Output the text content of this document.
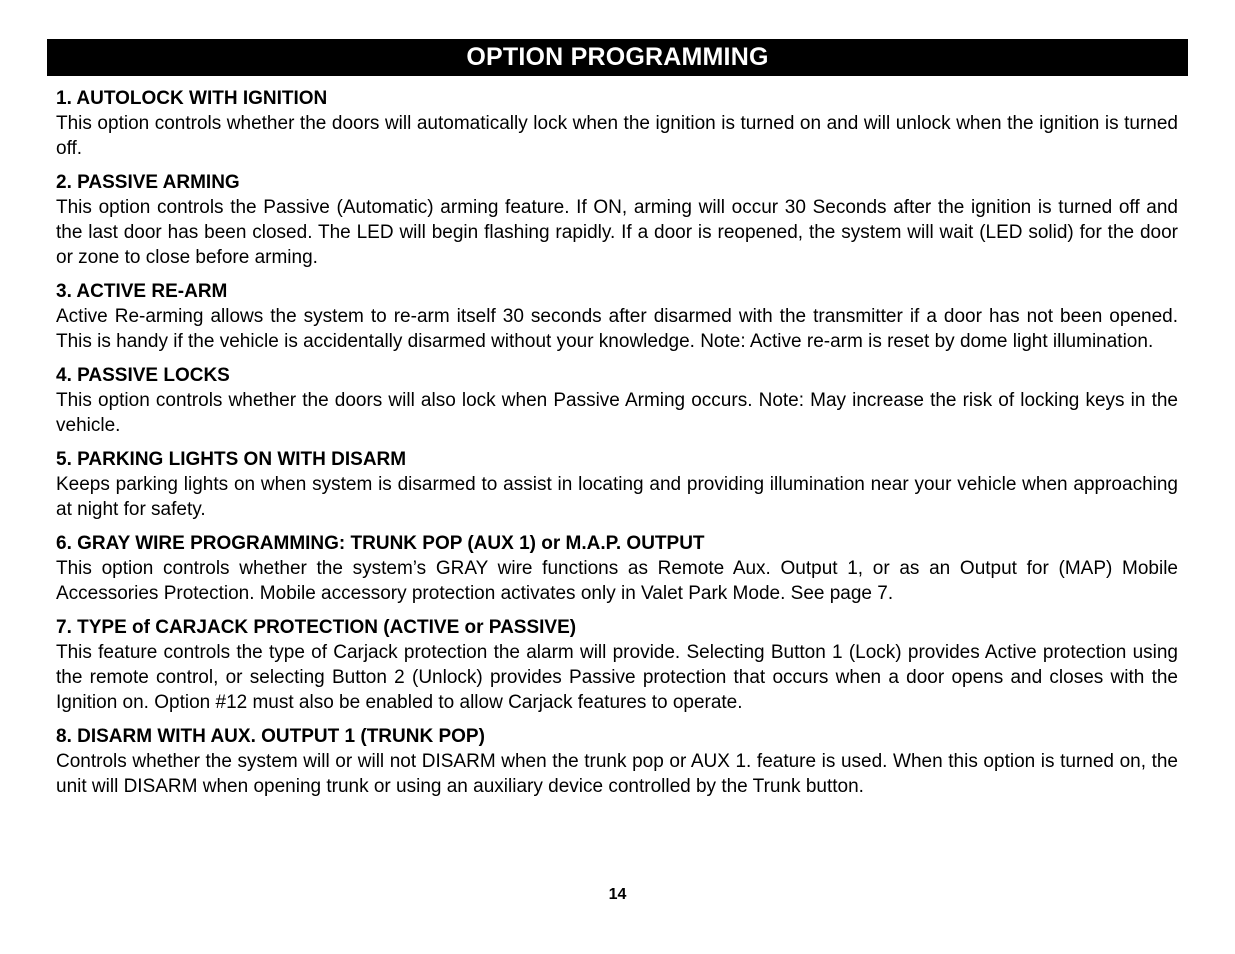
OPTION PROGRAMMING

1. AUTOLOCK WITH IGNITION

This option controls whether the doors will automatically lock when the ignition is turned on and will unlock when the ignition is turned off.

2. PASSIVE ARMING

This option controls the Passive (Automatic) arming feature. If ON, arming will occur 30 Seconds after the ignition is turned off and the last door has been closed. The LED will begin flashing rapidly. If a door is reopened, the system will wait (LED solid) for the door or zone to close before arming.

3. ACTIVE RE-ARM

Active Re-arming allows the system to re-arm itself 30 seconds after disarmed with the transmitter if a door has not been opened. This is handy if the vehicle is accidentally disarmed without your knowledge. Note: Active re-arm is reset by dome light illumination.

4. PASSIVE LOCKS

This option controls whether the doors will also lock when Passive Arming occurs. Note: May increase the risk of locking keys in the vehicle.

5. PARKING LIGHTS ON WITH DISARM

Keeps parking lights on when system is disarmed to assist in locating and providing illumination near your vehicle when approaching at night for safety.

6. GRAY WIRE PROGRAMMING: TRUNK POP (AUX 1) or M.A.P. OUTPUT

This option controls whether the system’s GRAY wire functions as Remote Aux. Output 1, or as an Output for (MAP) Mobile Accessories Protection. Mobile accessory protection activates only in Valet Park Mode. See page 7.

7. TYPE of CARJACK PROTECTION (ACTIVE or PASSIVE)

This feature controls the type of Carjack protection the alarm will provide. Selecting Button 1 (Lock) provides Active protection using the remote control, or selecting Button 2 (Unlock) provides Passive protection that occurs when a door opens and closes with the Ignition on. Option #12 must also be enabled to allow Carjack features to operate.

8. DISARM WITH AUX. OUTPUT 1 (TRUNK POP)

Controls whether the system will or will not DISARM when the trunk pop or AUX 1. feature is used. When this option is turned on, the unit will DISARM when opening trunk or using an auxiliary device controlled by the Trunk button.

14
